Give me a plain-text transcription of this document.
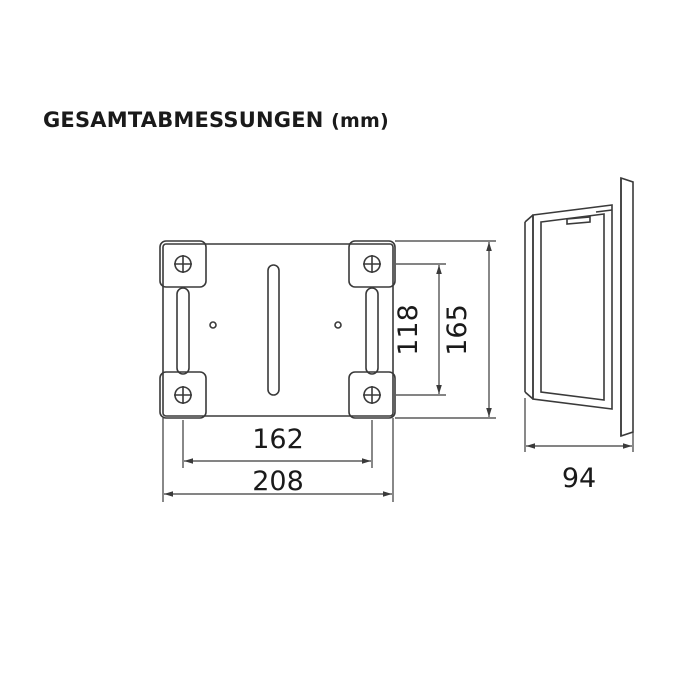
GESAMTABMESSUNGEN (mm)
208
162
165
118
94
